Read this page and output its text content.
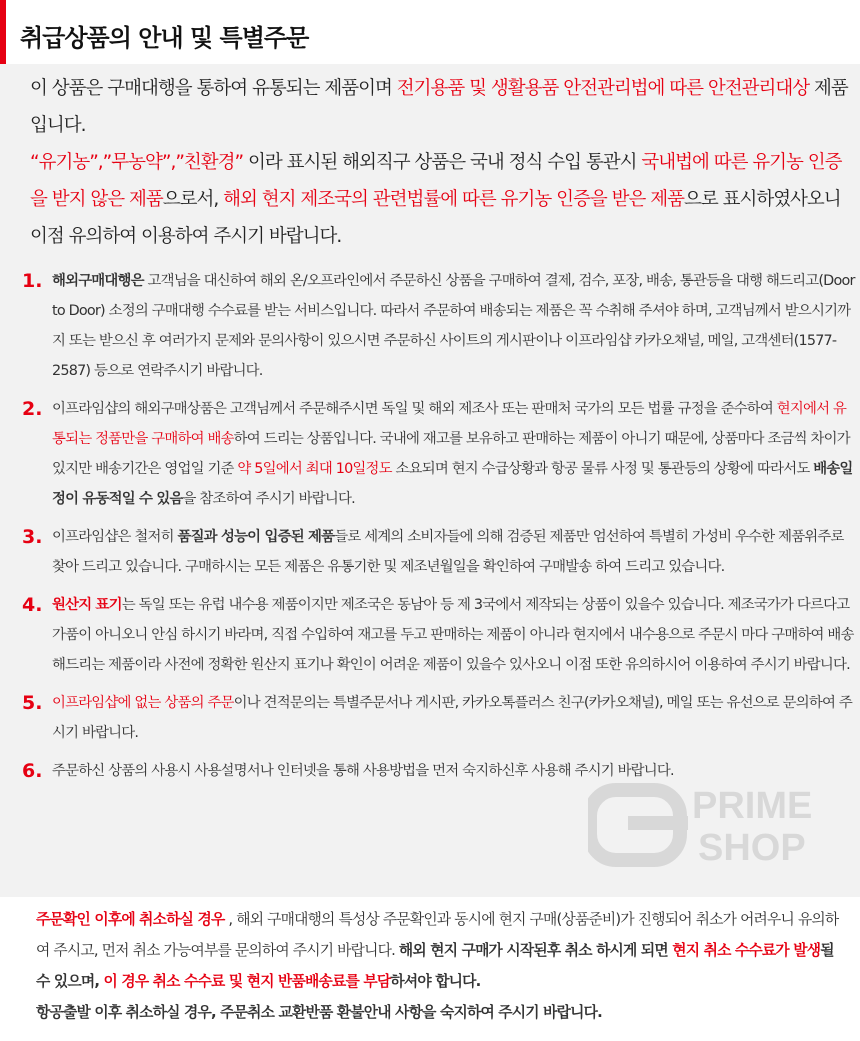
취급상품의 안내 및 특별주문

이 상품은 구매대행을 통하여 유통되는 제품이며 전기용품 및 생활용품 안전관리법에 따른 안전관리대상 제품입니다.

“유기농”,”무농약”,”친환경” 이라 표시된 해외직구 상품은 국내 정식 수입 통관시 국내법에 따른 유기농 인증을 받지 않은 제품으로서, 해외 현지 제조국의 관련법률에 따른 유기농 인증을 받은 제품으로 표시하였사오니 이점 유의하여 이용하여 주시기 바랍니다.

1. 해외구매대행은 고객님을 대신하여 해외 온/오프라인에서 주문하신 상품을 구매하여 결제, 검수, 포장, 배송, 통관등을 대행 해드리고(Door to Door) 소정의 구매대행 수수료를 받는 서비스입니다. 따라서 주문하여 배송되는 제품은 꼭 수취해 주셔야 하며, 고객님께서 받으시기까지 또는 받으신 후 여러가지 문제와 문의사항이 있으시면 주문하신 사이트의 게시판이나 이프라임샵 카카오채널, 메일, 고객센터(1577-2587) 등으로 연락주시기 바랍니다.
2. 이프라임샵의 해외구매상품은 고객님께서 주문해주시면 독일 및 해외 제조사 또는 판매처 국가의 모든 법률 규정을 준수하여 현지에서 유통되는 정품만을 구매하여 배송하여 드리는 상품입니다. 국내에 재고를 보유하고 판매하는 제품이 아니기 때문에, 상품마다 조금씩 차이가 있지만 배송기간은 영업일 기준 약 5일에서 최대 10일정도 소요되며 현지 수급상황과 항공 물류 사정 및 통관등의 상황에 따라서도 배송일정이 유동적일 수 있음을 참조하여 주시기 바랍니다.
3. 이프라임샵은 철저히 품질과 성능이 입증된 제품들로 세계의 소비자들에 의해 검증된 제품만 엄선하여 특별히 가성비 우수한 제품위주로 찾아 드리고 있습니다. 구매하시는 모든 제품은 유통기한 및 제조년월일을 확인하여 구매발송 하여 드리고 있습니다.
4. 원산지 표기는 독일 또는 유럽 내수용 제품이지만 제조국은 동남아 등 제 3국에서 제작되는 상품이 있을수 있습니다. 제조국가가 다르다고 가품이 아니오니 안심 하시기 바라며, 직접 수입하여 재고를 두고 판매하는 제품이 아니라 현지에서 내수용으로 주문시 마다 구매하여 배송해드리는 제품이라 사전에 정확한 원산지 표기나 확인이 어려운 제품이 있을수 있사오니 이점 또한 유의하시어 이용하여 주시기 바랍니다.
5. 이프라임샵에 없는 상품의 주문이나 견적문의는 특별주문서나 게시판, 카카오톡플러스 친구(카카오채널), 메일 또는 유선으로 문의하여 주시기 바랍니다.
6. 주문하신 상품의 사용시 사용설명서나 인터넷을 통해 사용방법을 먼저 숙지하신후 사용해 주시기 바랍니다.
PRIME
SHOP
주문확인 이후에 취소하실 경우 , 해외 구매대행의 특성상 주문확인과 동시에 현지 구매(상품준비)가 진행되어 취소가 어려우니 유의하여 주시고, 먼저 취소 가능여부를 문의하여 주시기 바랍니다. 해외 현지 구매가 시작된후 취소 하시게 되면 현지 취소 수수료가 발생될 수 있으며, 이 경우 취소 수수료 및 현지 반품배송료를 부담하셔야 합니다.
항공출발 이후 취소하실 경우, 주문취소 교환반품 환불안내 사항을 숙지하여 주시기 바랍니다.
